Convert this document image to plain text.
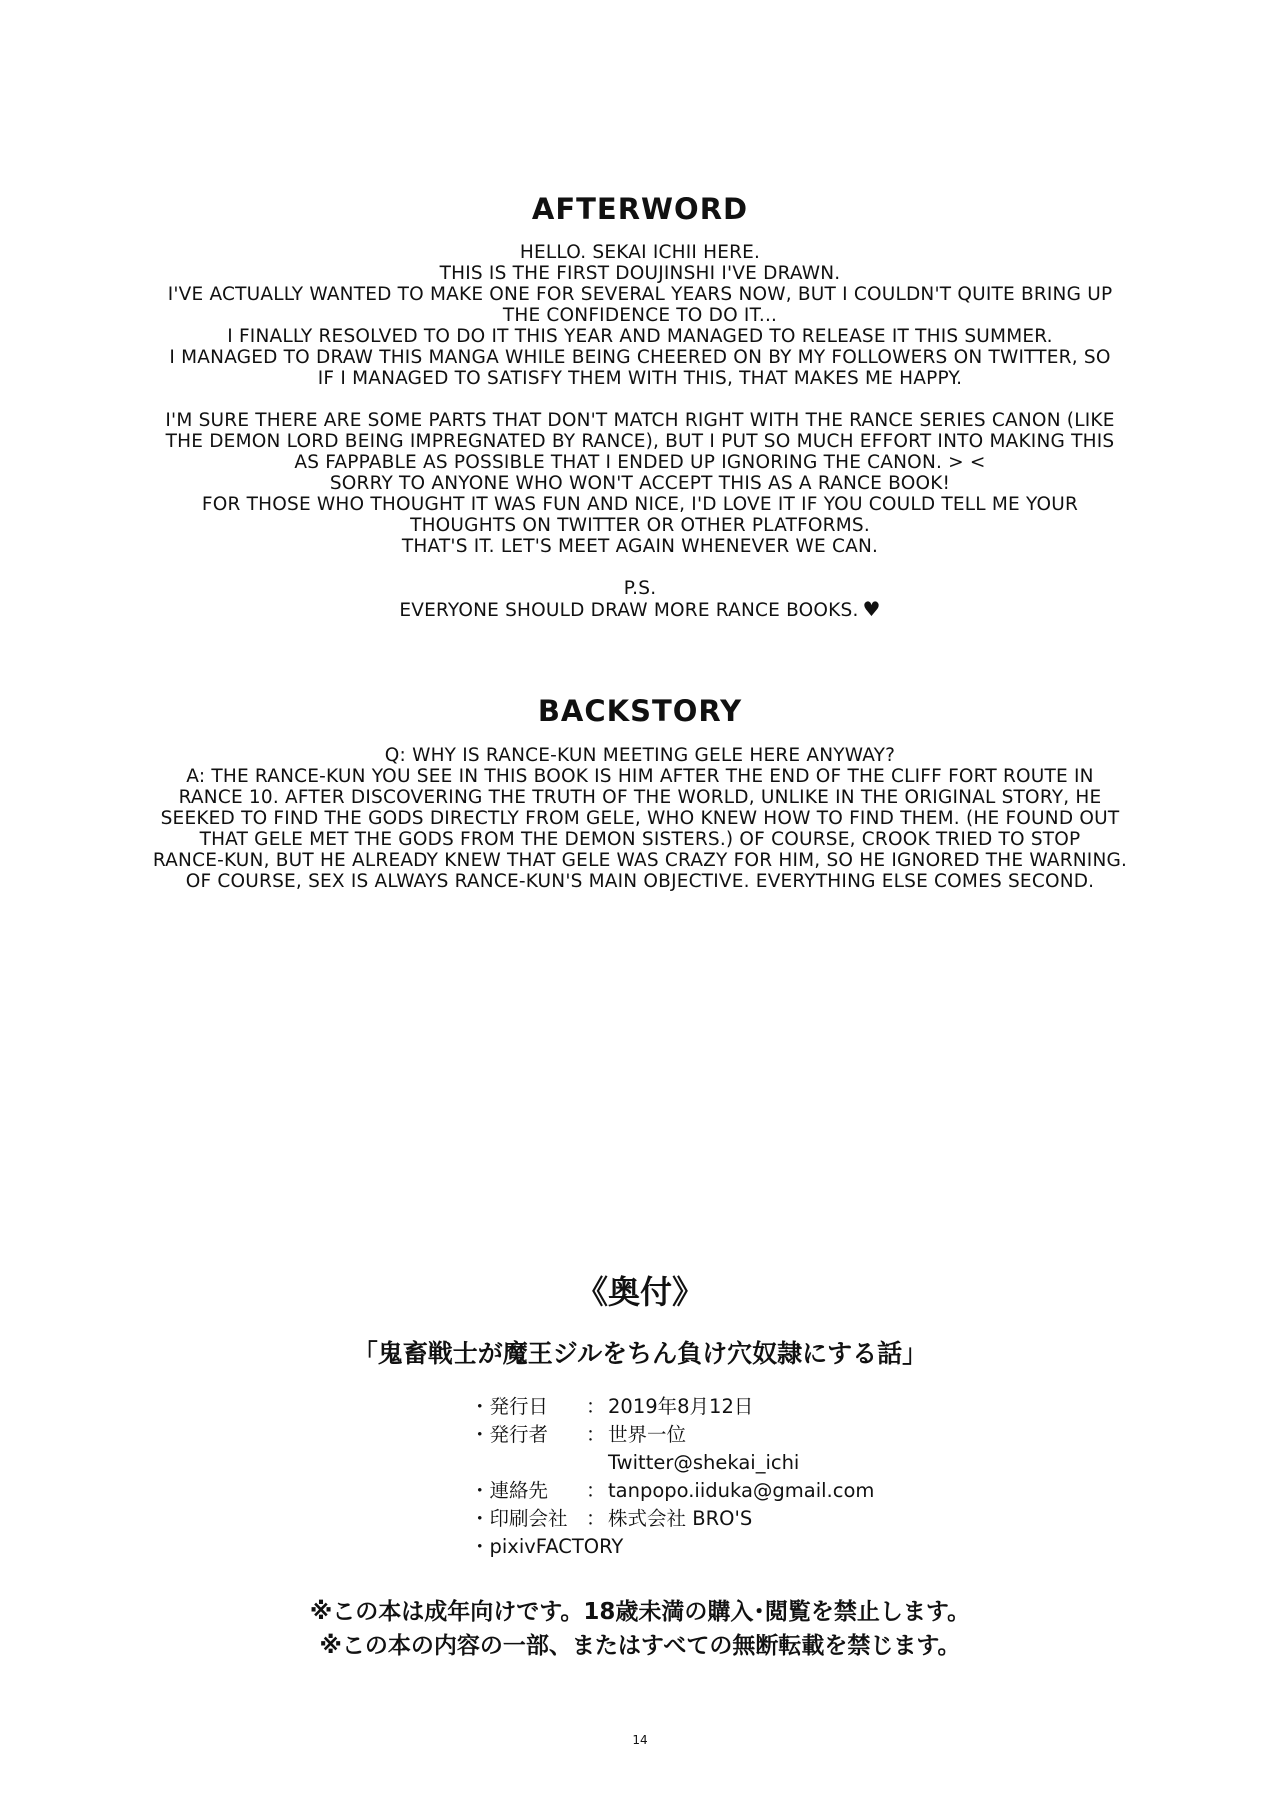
AFTERWORD
HELLO. SEKAI ICHII HERE.
THIS IS THE FIRST DOUJINSHI I'VE DRAWN.
I'VE ACTUALLY WANTED TO MAKE ONE FOR SEVERAL YEARS NOW, BUT I COULDN'T QUITE BRING UP
THE CONFIDENCE TO DO IT...
I FINALLY RESOLVED TO DO IT THIS YEAR AND MANAGED TO RELEASE IT THIS SUMMER.
I MANAGED TO DRAW THIS MANGA WHILE BEING CHEERED ON BY MY FOLLOWERS ON TWITTER, SO
IF I MANAGED TO SATISFY THEM WITH THIS, THAT MAKES ME HAPPY.
I'M SURE THERE ARE SOME PARTS THAT DON'T MATCH RIGHT WITH THE RANCE SERIES CANON (LIKE
THE DEMON LORD BEING IMPREGNATED BY RANCE), BUT I PUT SO MUCH EFFORT INTO MAKING THIS
AS FAPPABLE AS POSSIBLE THAT I ENDED UP IGNORING THE CANON. > <
SORRY TO ANYONE WHO WON'T ACCEPT THIS AS A RANCE BOOK!
FOR THOSE WHO THOUGHT IT WAS FUN AND NICE, I'D LOVE IT IF YOU COULD TELL ME YOUR
THOUGHTS ON TWITTER OR OTHER PLATFORMS.
THAT'S IT. LET'S MEET AGAIN WHENEVER WE CAN.
P.S.
EVERYONE SHOULD DRAW MORE RANCE BOOKS. ♥
BACKSTORY
Q: WHY IS RANCE-KUN MEETING GELE HERE ANYWAY?
A: THE RANCE-KUN YOU SEE IN THIS BOOK IS HIM AFTER THE END OF THE CLIFF FORT ROUTE IN
RANCE 10. AFTER DISCOVERING THE TRUTH OF THE WORLD, UNLIKE IN THE ORIGINAL STORY, HE
SEEKED TO FIND THE GODS DIRECTLY FROM GELE, WHO KNEW HOW TO FIND THEM. (HE FOUND OUT
THAT GELE MET THE GODS FROM THE DEMON SISTERS.) OF COURSE, CROOK TRIED TO STOP
RANCE-KUN, BUT HE ALREADY KNEW THAT GELE WAS CRAZY FOR HIM, SO HE IGNORED THE WARNING.
OF COURSE, SEX IS ALWAYS RANCE-KUN'S MAIN OBJECTIVE. EVERYTHING ELSE COMES SECOND.
《奥付》
「鬼畜戦士が魔王ジルをちん負け穴奴隷にする話」
・発行日	： 2019年8月12日
・発行者	： 世界一位
Twitter@shekai_ichi
・連絡先	： tanpopo.iiduka@gmail.com
・印刷会社 ： 株式会社 BRO'S
・pixivFACTORY
※この本は成年向けです。18歳未満の購入･閲覧を禁止します。
※この本の内容の一部、またはすべての無断転載を禁じます。
14
